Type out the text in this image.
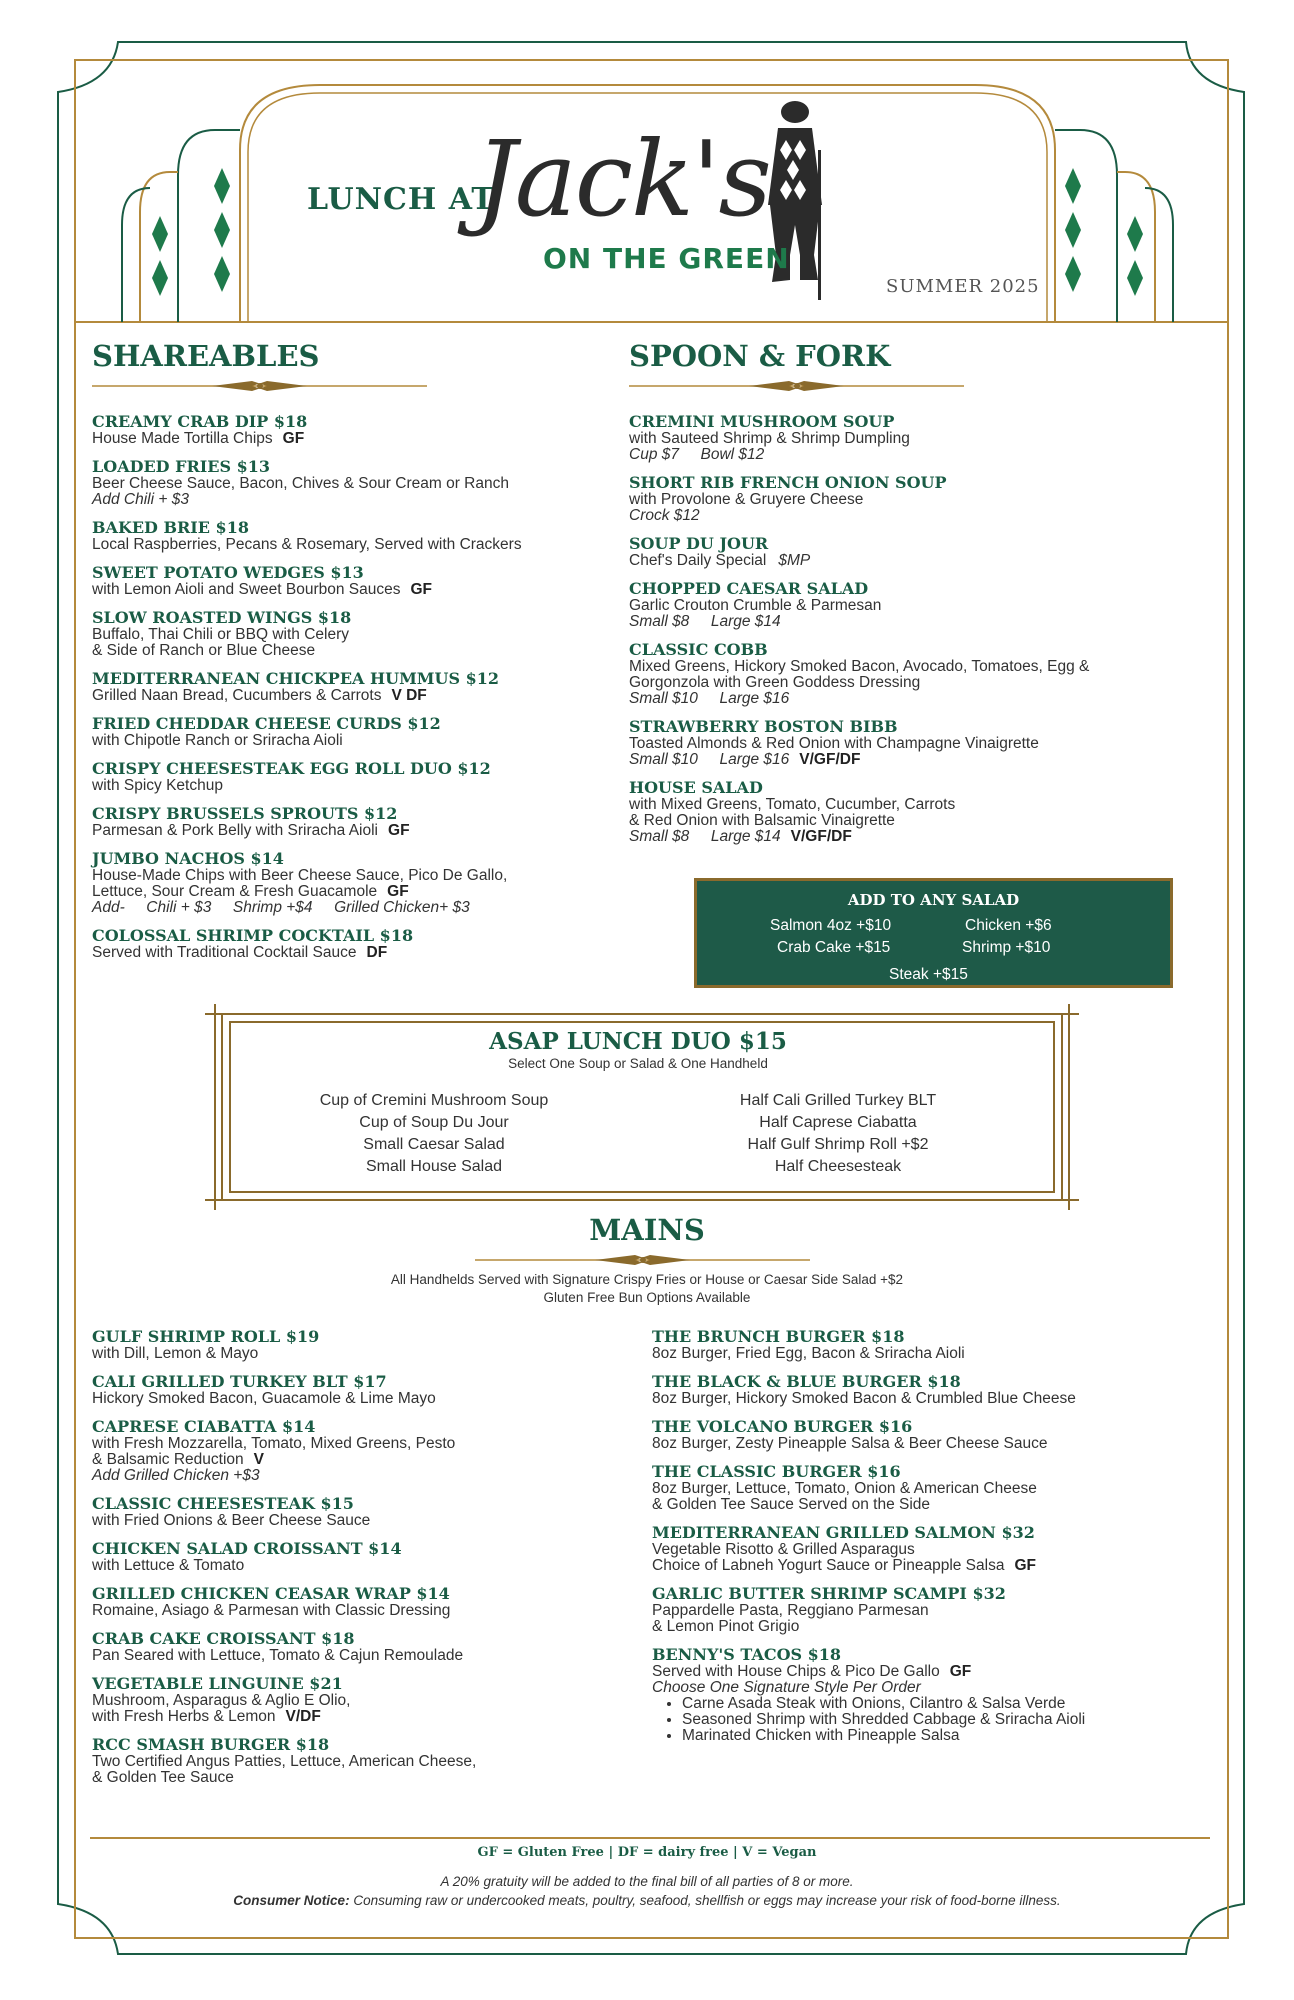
LUNCH AT
Jack's
ON THE GREEN
SUMMER 2025
SHAREABLES
CREAMY CRAB DIP $18
House Made Tortilla Chips GF
LOADED FRIES $13
Beer Cheese Sauce, Bacon, Chives & Sour Cream or Ranch
Add Chili + $3
BAKED BRIE $18
Local Raspberries, Pecans & Rosemary, Served with Crackers
SWEET POTATO WEDGES $13
with Lemon Aioli and Sweet Bourbon Sauces GF
SLOW ROASTED WINGS $18
Buffalo, Thai Chili or BBQ with Celery
& Side of Ranch or Blue Cheese
MEDITERRANEAN CHICKPEA HUMMUS $12
Grilled Naan Bread, Cucumbers & Carrots V DF
FRIED CHEDDAR CHEESE CURDS $12
with Chipotle Ranch or Sriracha Aioli
CRISPY CHEESESTEAK EGG ROLL DUO $12
with Spicy Ketchup
CRISPY BRUSSELS SPROUTS $12
Parmesan & Pork Belly with Sriracha Aioli GF
JUMBO NACHOS $14
House-Made Chips with Beer Cheese Sauce, Pico De Gallo,
Lettuce, Sour Cream & Fresh Guacamole GF
Add-     Chili + $3     Shrimp +$4     Grilled Chicken+ $3
COLOSSAL SHRIMP COCKTAIL $18
Served with Traditional Cocktail Sauce DF
SPOON & FORK
CREMINI MUSHROOM SOUP
with Sauteed Shrimp & Shrimp Dumpling
Cup $7     Bowl $12
SHORT RIB FRENCH ONION SOUP
with Provolone & Gruyere Cheese
Crock $12
SOUP DU JOUR
Chef's Daily Special $MP
CHOPPED CAESAR SALAD
Garlic Crouton Crumble & Parmesan
Small $8     Large $14
CLASSIC COBB
Mixed Greens, Hickory Smoked Bacon, Avocado, Tomatoes, Egg &
Gorgonzola with Green Goddess Dressing
Small $10     Large $16
STRAWBERRY BOSTON BIBB
Toasted Almonds & Red Onion with Champagne Vinaigrette
Small $10     Large $16 V/GF/DF
HOUSE SALAD
with Mixed Greens, Tomato, Cucumber, Carrots
& Red Onion with Balsamic Vinaigrette
Small $8     Large $14 V/GF/DF
ADD TO ANY SALAD
Salmon 4oz +$10	Chicken +$6
Crab Cake +$15	Shrimp +$10
Steak +$15
ASAP LUNCH DUO $15
Select One Soup or Salad & One Handheld
Cup of Cremini Mushroom Soup
Cup of Soup Du Jour
Small Caesar Salad
Small House Salad
Half Cali Grilled Turkey BLT
Half Caprese Ciabatta
Half Gulf Shrimp Roll +$2
Half Cheesesteak
MAINS
All Handhelds Served with Signature Crispy Fries or House or Caesar Side Salad +$2
Gluten Free Bun Options Available
GULF SHRIMP ROLL $19
with Dill, Lemon & Mayo
CALI GRILLED TURKEY BLT $17
Hickory Smoked Bacon, Guacamole & Lime Mayo
CAPRESE CIABATTA $14
with Fresh Mozzarella, Tomato, Mixed Greens, Pesto
& Balsamic Reduction V
Add Grilled Chicken +$3
CLASSIC CHEESESTEAK $15
with Fried Onions & Beer Cheese Sauce
CHICKEN SALAD CROISSANT $14
with Lettuce & Tomato
GRILLED CHICKEN CEASAR WRAP $14
Romaine, Asiago & Parmesan with Classic Dressing
CRAB CAKE CROISSANT $18
Pan Seared with Lettuce, Tomato & Cajun Remoulade
VEGETABLE LINGUINE $21
Mushroom, Asparagus & Aglio E Olio,
with Fresh Herbs & Lemon V/DF
RCC SMASH BURGER $18
Two Certified Angus Patties, Lettuce, American Cheese,
& Golden Tee Sauce
THE BRUNCH BURGER $18
8oz Burger, Fried Egg, Bacon & Sriracha Aioli
THE BLACK & BLUE BURGER $18
8oz Burger, Hickory Smoked Bacon & Crumbled Blue Cheese
THE VOLCANO BURGER $16
8oz Burger, Zesty Pineapple Salsa & Beer Cheese Sauce
THE CLASSIC BURGER $16
8oz Burger, Lettuce, Tomato, Onion & American Cheese
& Golden Tee Sauce Served on the Side
MEDITERRANEAN GRILLED SALMON $32
Vegetable Risotto & Grilled Asparagus
Choice of Labneh Yogurt Sauce or Pineapple Salsa GF
GARLIC BUTTER SHRIMP SCAMPI $32
Pappardelle Pasta, Reggiano Parmesan
& Lemon Pinot Grigio
BENNY'S TACOS $18
Served with House Chips & Pico De Gallo GF
Choose One Signature Style Per Order
• Carne Asada Steak with Onions, Cilantro & Salsa Verde
• Seasoned Shrimp with Shredded Cabbage & Sriracha Aioli
• Marinated Chicken with Pineapple Salsa
GF = Gluten Free | DF = dairy free | V = Vegan
A 20% gratuity will be added to the final bill of all parties of 8 or more.
Consumer Notice: Consuming raw or undercooked meats, poultry, seafood, shellfish or eggs may increase your risk of food-borne illness.
